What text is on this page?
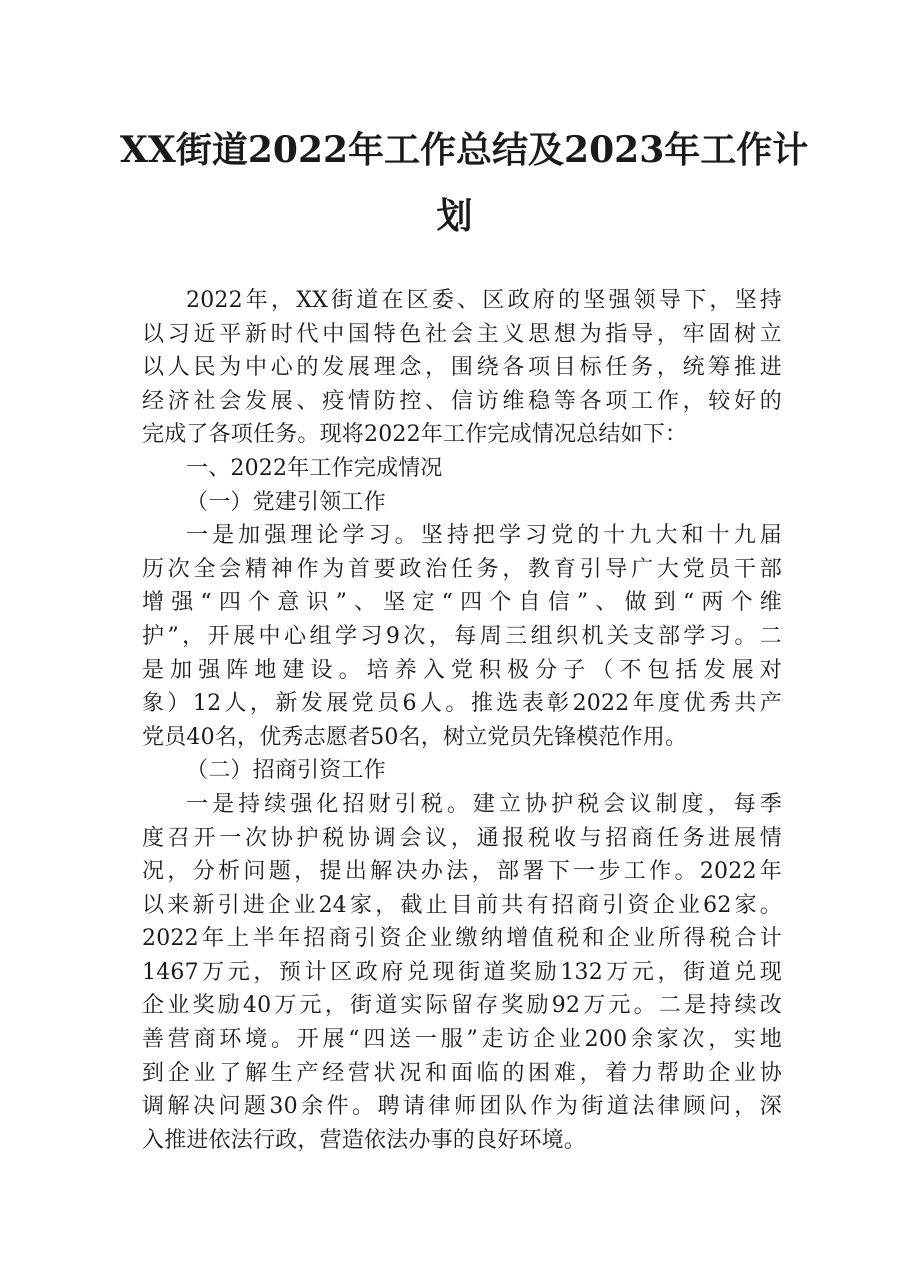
XX街道2022年工作总结及2023年工作计
划
2022年，XX街道在区委、区政府的坚强领导下，坚持
以习近平新时代中国特色社会主义思想为指导，牢固树立
以人民为中心的发展理念，围绕各项目标任务，统筹推进
经济社会发展、疫情防控、信访维稳等各项工作，较好的
完成了各项任务。现将2022年工作完成情况总结如下：
一、2022年工作完成情况
（一）党建引领工作
一是加强理论学习。坚持把学习党的十九大和十九届
历次全会精神作为首要政治任务，教育引导广大党员干部
增强“四个意识”、坚定“四个自信”、做到“两个维
护”，开展中心组学习9次，每周三组织机关支部学习。二
是加强阵地建设。培养入党积极分子（不包括发展对
象）12人，新发展党员6人。推选表彰2022年度优秀共产
党员40名，优秀志愿者50名，树立党员先锋模范作用。
（二）招商引资工作
一是持续强化招财引税。建立协护税会议制度，每季
度召开一次协护税协调会议，通报税收与招商任务进展情
况，分析问题，提出解决办法，部署下一步工作。2022年
以来新引进企业24家，截止目前共有招商引资企业62家。
2022年上半年招商引资企业缴纳增值税和企业所得税合计
1467万元，预计区政府兑现街道奖励132万元，街道兑现
企业奖励40万元，街道实际留存奖励92万元。二是持续改
善营商环境。开展“四送一服”走访企业200余家次，实地
到企业了解生产经营状况和面临的困难，着力帮助企业协
调解决问题30余件。聘请律师团队作为街道法律顾问，深
入推进依法行政，营造依法办事的良好环境。
